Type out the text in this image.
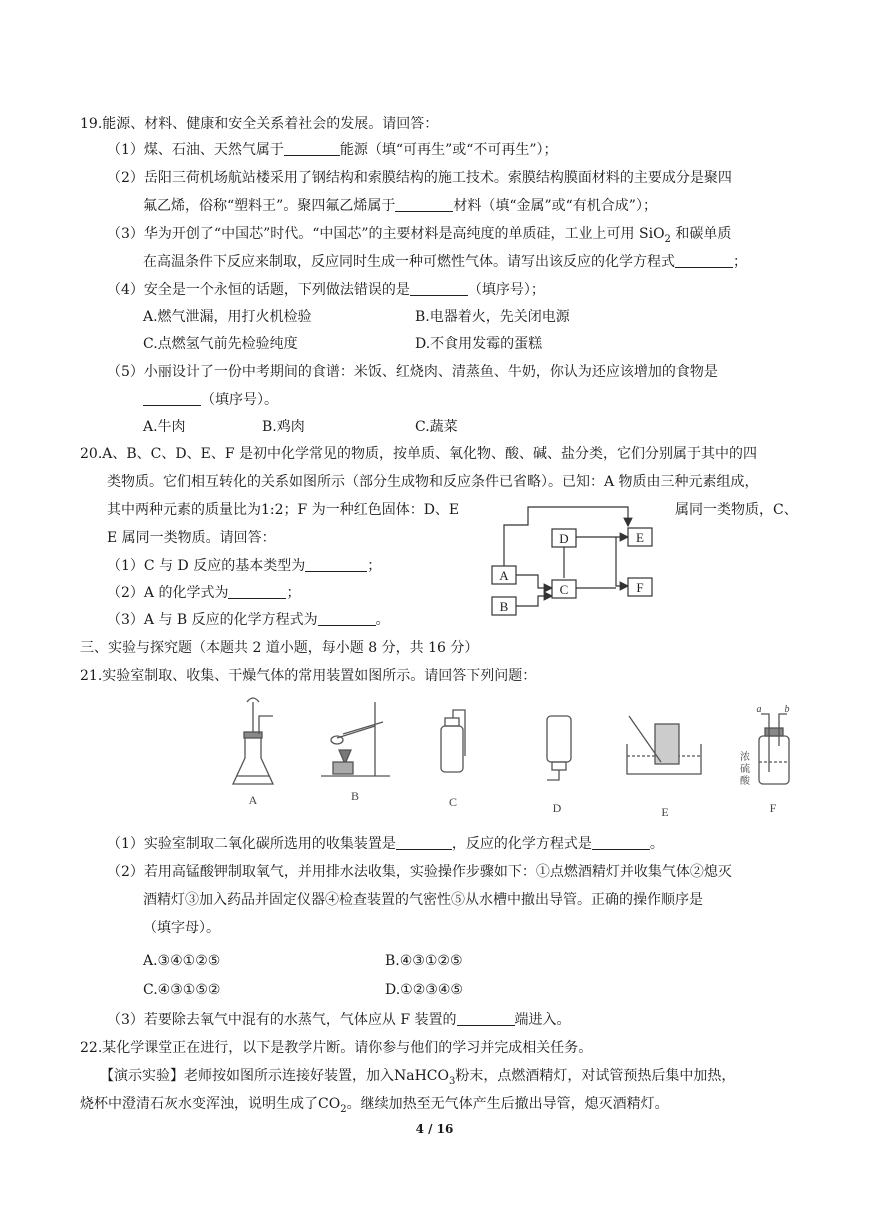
19.能源、材料、健康和安全关系着社会的发展。请回答：
（1）煤、石油、天然气属于	能源（填“可再生”或“不可再生”）；
（2）岳阳三荷机场航站楼采用了钢结构和索膜结构的施工技术。索膜结构膜面材料的主要成分是聚四
氟乙烯，俗称“塑料王”。聚四氟乙烯属于	材料（填“金属”或“有机合成”）；
（3）华为开创了“中国芯”时代。“中国芯”的主要材料是高纯度的单质硅，工业上可用 SiO$_2$ 和碳单质
在高温条件下反应来制取，反应同时生成一种可燃性气体。请写出该反应的化学方程式	；
（4）安全是一个永恒的话题，下列做法错误的是	（填序号）；
A.燃气泄漏，用打火机检验	B.电器着火，先关闭电源
C.点燃氢气前先检验纯度	D.不食用发霉的蛋糕
（5）小丽设计了一份中考期间的食谱：米饭、红烧肉、清蒸鱼、牛奶，你认为还应该增加的食物是
（填序号）。
A.牛肉	B.鸡肉	C.蔬菜
20.A、B、C、D、E、F 是初中化学常见的物质，按单质、氧化物、酸、碱、盐分类，它们分别属于其中的四
类物质。它们相互转化的关系如图所示（部分生成物和反应条件已省略）。已知：A 物质由三种元素组成，
其中两种元素的质量比为1:2；F 为一种红色固体：D、E	属同一类物质，C、
E 属同一类物质。请回答：
（1）C 与 D 反应的基本类型为	；
（2）A 的化学式为	；
（3）A 与 B 反应的化学方程式为	。
A
B
C
D	E
F
三、实验与探究题（本题共 2 道小题，每小题 8 分，共 16 分）
21.实验室制取、收集、干燥气体的常用装置如图所示。请回答下列问题：
A	B	C	D	E	F
a b
浓
硫
酸
（1）实验室制取二氧化碳所选用的收集装置是	，反应的化学方程式是	。
（2）若用高锰酸钾制取氧气，并用排水法收集，实验操作步骤如下：①点燃酒精灯并收集气体②熄灭
酒精灯③加入药品并固定仪器④检查装置的气密性⑤从水槽中撤出导管。正确的操作顺序是
（填字母）。
A.③④①②⑤	B.④③①②⑤
C.④③①⑤②	D.①②③④⑤
（3）若要除去氧气中混有的水蒸气，气体应从 F 装置的	端进入。
22.某化学课堂正在进行，以下是教学片断。请你参与他们的学习并完成相关任务。
【演示实验】老师按如图所示连接好装置，加入NaHCO$_3$粉末，点燃酒精灯，对试管预热后集中加热，
烧杯中澄清石灰水变浑浊，说明生成了$CO_2$。继续加热至无气体产生后撤出导管，熄灭酒精灯。
4 / 16
